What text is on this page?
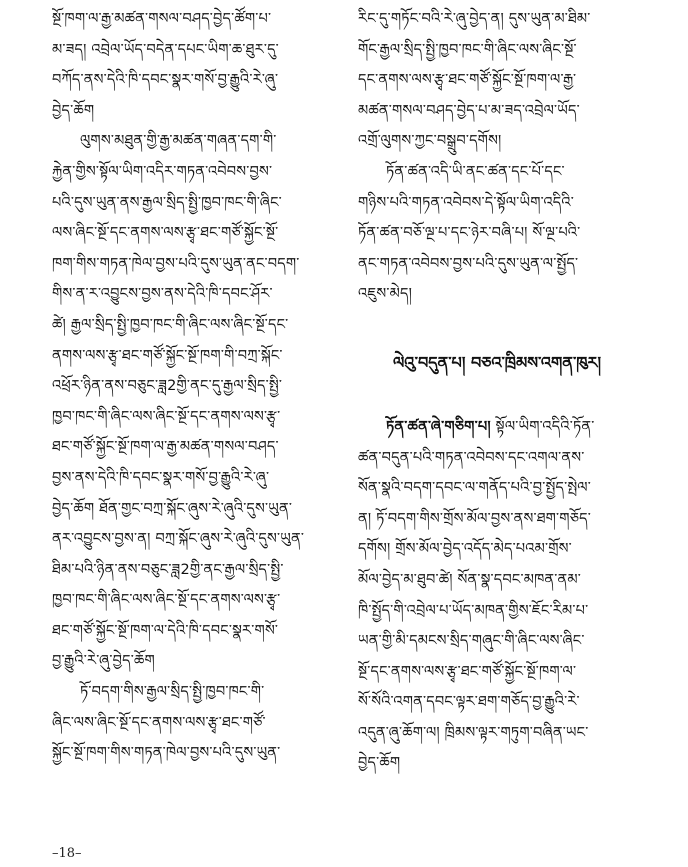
སྔོ་ཁག་ལ་རྒྱ་མཚན་གསལ་བཤད་བྱེད་ཚོག་པ་
མ་ཟད། འབྲེལ་ཡོད་བདེན་དཔང་ཡིག་ཆ་ཐུར་དུ་
བཀོད་ནས་དེའི་ཁི་དབང་སྣར་གསོ་བྱ་རྒྱུའི་རེ་ཞུ་
བྱེད་ཆོག
ལུགས་མཐུན་གྱི་རྒྱ་མཚན་གཞན་དག་གི་
རྐྱེན་གྱིས་སྟོལ་ཡིག་འདིར་གཏན་འབེབས་བྱས་
པའི་དུས་ཡུན་ནས་རྒྱལ་སྲིད་སྤྱི་ཁྱབ་ཁང་གི་ཞིང་
ལས་ཞིང་སྔོ་དང་ནགས་ལས་རྩྭ་ཐང་གཙོ་སྐྱོང་སྔོ་
ཁག་གིས་གཏན་ཁེལ་བྱས་པའི་དུས་ཡུན་ནང་བདག་
གིས་ན་ར་འབྱུངས་བྱས་ནས་དེའི་ཁི་དབང་ཤོར་
ཚེ། རྒྱལ་སྲིད་སྤྱི་ཁྱབ་ཁང་གི་ཞིང་ལས་ཞིང་སྔོ་དང་
ནགས་ལས་རྩྭ་ཐང་གཙོ་སྐྱོང་སྔོ་ཁག་གི་བཀྲ་སྐོང་
འཕྲོར་ཉིན་ནས་བཅུང་ཟླ2གྱི་ནང་དུ་རྒྱལ་སྲིད་སྤྱི་
ཁྱབ་ཁང་གི་ཞིང་ལས་ཞིང་སྔོ་དང་ནགས་ལས་རྩྭ་
ཐང་གཙོ་སྐྱོང་སྔོ་ཁག་ལ་རྒྱ་མཚན་གསལ་བཤད་
བྱས་ནས་དེའི་ཁི་དབང་སྣར་གསོ་བྱ་རྒྱུའི་རེ་ཞུ་
བྱེད་ཆོག ཐོན་གྱང་བཀྲ་སྐོང་ཞུས་རེ་ཞུའི་དུས་ཡུན་
ནར་འབྱུངས་བྱས་ན། བཀྲ་སྐོང་ཞུས་རེ་ཞུའི་དུས་ཡུན་
ཐིམ་པའི་ཉིན་ནས་བཅུང་ཟླ2གྱི་ནང་རྒྱལ་སྲིད་སྤྱི་
ཁྱབ་ཁང་གི་ཞིང་ལས་ཞིང་སྔོ་དང་ནགས་ལས་རྩྭ་
ཐང་གཙོ་སྐྱོང་སྔོ་ཁག་ལ་དེའི་ཁི་དབང་སྣར་གསོ་
བྱ་རྒྱུའི་རེ་ཞུ་བྱེད་ཆོག
ཏོ་བདག་གིས་རྒྱལ་སྲིད་སྤྱི་ཁྱབ་ཁང་གི་
ཞིང་ལས་ཞིང་སྔོ་དང་ནགས་ལས་རྩྭ་ཐང་གཙོ་
སྐྱོང་སྔོ་ཁག་གིས་གཏན་ཁེལ་བྱས་པའི་དུས་ཡུན་
རིང་དུ་གཏོང་བའི་རེ་ཞུ་བྱེད་ན། དུས་ཡུན་མ་ཐིམ་
གོང་རྒྱལ་སྲིད་སྤྱི་ཁྱབ་ཁང་གི་ཞིང་ལས་ཞིང་སྔོ་
དང་ནགས་ལས་རྩྭ་ཐང་གཙོ་སྐྱོང་སྔོ་ཁག་ལ་རྒྱ་
མཚན་གསལ་བཤད་བྱེད་པ་མ་ཟད་འབྲེལ་ཡོད་
འགྲོ་ལུགས་ཀྱང་བསྒྲུབ་དགོས།
ཏོན་ཚན་འདི་ཡི་ནང་ཚན་དང་པོ་དང་
གཉིས་པའི་གཏན་འབེབས་དེ་སྟོལ་ཡིག་འདིའི་
ཏོན་ཚན་བཅོ་ལྔ་པ་དང་ཉེར་བཞི་པ། སོ་ལྔ་པའི་
ནང་གཏན་འབེབས་བྱས་པའི་དུས་ཡུན་ལ་སྤྱོད་
འཇུས་མེད།
ལེའུ་བདུན་པ། བཅའ་ཁྲིམས་འགན་ཁུར།
ཏོན་ཚན་ཞེ་གཅིག་པ། སྟོལ་ཡིག་འདིའི་ཏོན་
ཚན་བདུན་པའི་གཏན་འབེབས་དང་འགལ་ནས་
སོན་སྣའི་བདག་དབང་ལ་གནོད་པའི་བྱ་སྤྱོད་སྤེལ་
ན། ཏོ་བདག་གིས་གྲོས་མོལ་བྱས་ནས་ཐག་གཅོད་
དགོས། གྲོས་མོལ་བྱེད་འདོད་མེད་པའམ་གྲོས་
མོལ་བྱེད་མ་ཐུབ་ཚེ། སོན་སྣ་དབང་མཁན་ནམ་
ཁི་སྤྱོད་གི་འབྲེལ་པ་ཡོད་མཁན་གྱིས་ཇོང་རིམ་པ་
ཡན་གྱི་མི་དམངས་སྲིད་གཞུང་གི་ཞིང་ལས་ཞིང་
སྔོ་དང་ནགས་ལས་རྩྭ་ཐང་གཙོ་སྐྱོང་སྔོ་ཁག་ལ་
སོ་སོའི་འགན་དབང་ལྟར་ཐག་གཅོད་བྱ་རྒྱུའི་རེ་
འདུན་ཞུ་ཆོག་ལ། ཁྲིམས་ལྟར་གཏུག་བཞིན་ཡང་
བྱེད་ཆོག
–18–
